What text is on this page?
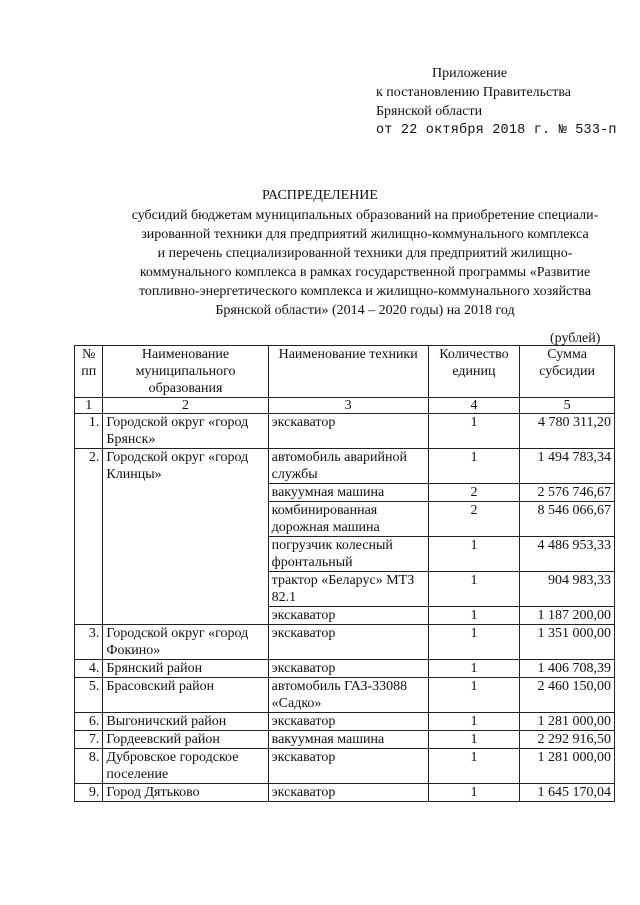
Приложение
к постановлению Правительства
Брянской области
от 22 октября 2018 г. № 533-п
РАСПРЕДЕЛЕНИЕ
субсидий бюджетам муниципальных образований на приобретение специали-
зированной техники для предприятий жилищно-коммунального комплекса
и перечень специализированной техники для предприятий жилищно-
коммунального комплекса в рамках государственной программы «Развитие
топливно-энергетического комплекса и жилищно-коммунального хозяйства
Брянской области» (2014 – 2020 годы) на 2018 год
(рублей)
№ пп	Наименование муниципального образования	Наименование техники	Количество единиц	Сумма субсидии
1	2	3	4	5
1.	Городской округ «город Брянск»	экскаватор	1	4 780 311,20
2.	Городской округ «город Клинцы»	автомобиль аварийной службы	1	1 494 783,34
		вакуумная машина	2	2 576 746,67
		комбинированная дорожная машина	2	8 546 066,67
		погрузчик колесный фронтальный	1	4 486 953,33
		трактор «Беларус» МТЗ 82.1	1	904 983,33
		экскаватор	1	1 187 200,00
3.	Городской округ «город Фокино»	экскаватор	1	1 351 000,00
4.	Брянский район	экскаватор	1	1 406 708,39
5.	Брасовский район	автомобиль ГАЗ-33088 «Садко»	1	2 460 150,00
6.	Выгоничский район	экскаватор	1	1 281 000,00
7.	Гордеевский район	вакуумная машина	1	2 292 916,50
8.	Дубровское городское поселение	экскаватор	1	1 281 000,00
9.	Город Дятьково	экскаватор	1	1 645 170,04
